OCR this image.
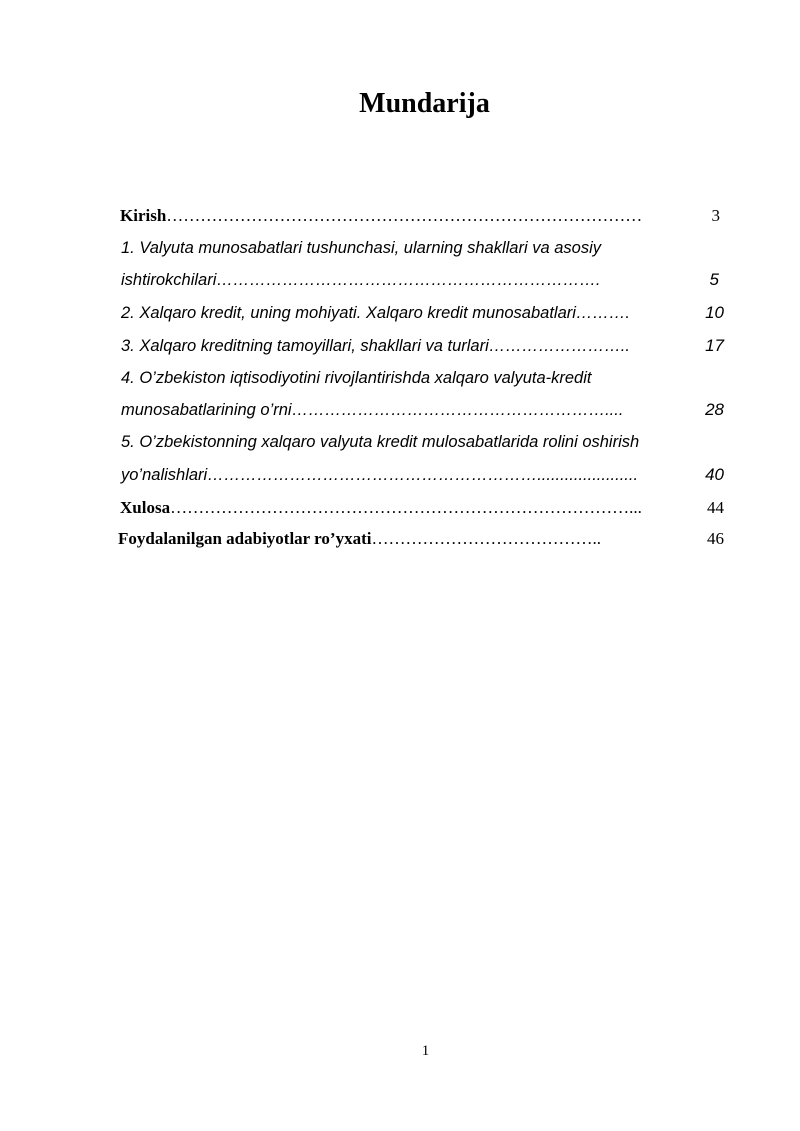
Mundarija
Kirish…………………………………………………………………………	3
1. Valyuta munosabatlari tushunchasi, ularning shakllari va asosiy
ishtirokchilari…………………………………………………………….	5
2. Xalqaro kredit, uning mohiyati. Xalqaro kredit munosabatlari……….	10
3. Xalqaro kreditning tamoyillari, shakllari va turlari……………………..	17
4. O’zbekiston iqtisodiyotini rivojlantirishda xalqaro valyuta-kredit
munosabatlarining o’rni…………………………………………………....	28
5. O’zbekistonning xalqaro valyuta kredit mulosabatlarida rolini oshirish
yo’nalishlari……………………………………………………......................	40
Xulosa………………………………………………………………………...	44
Foydalanilgan adabiyotlar ro’yxati…………………………………..	46
1
